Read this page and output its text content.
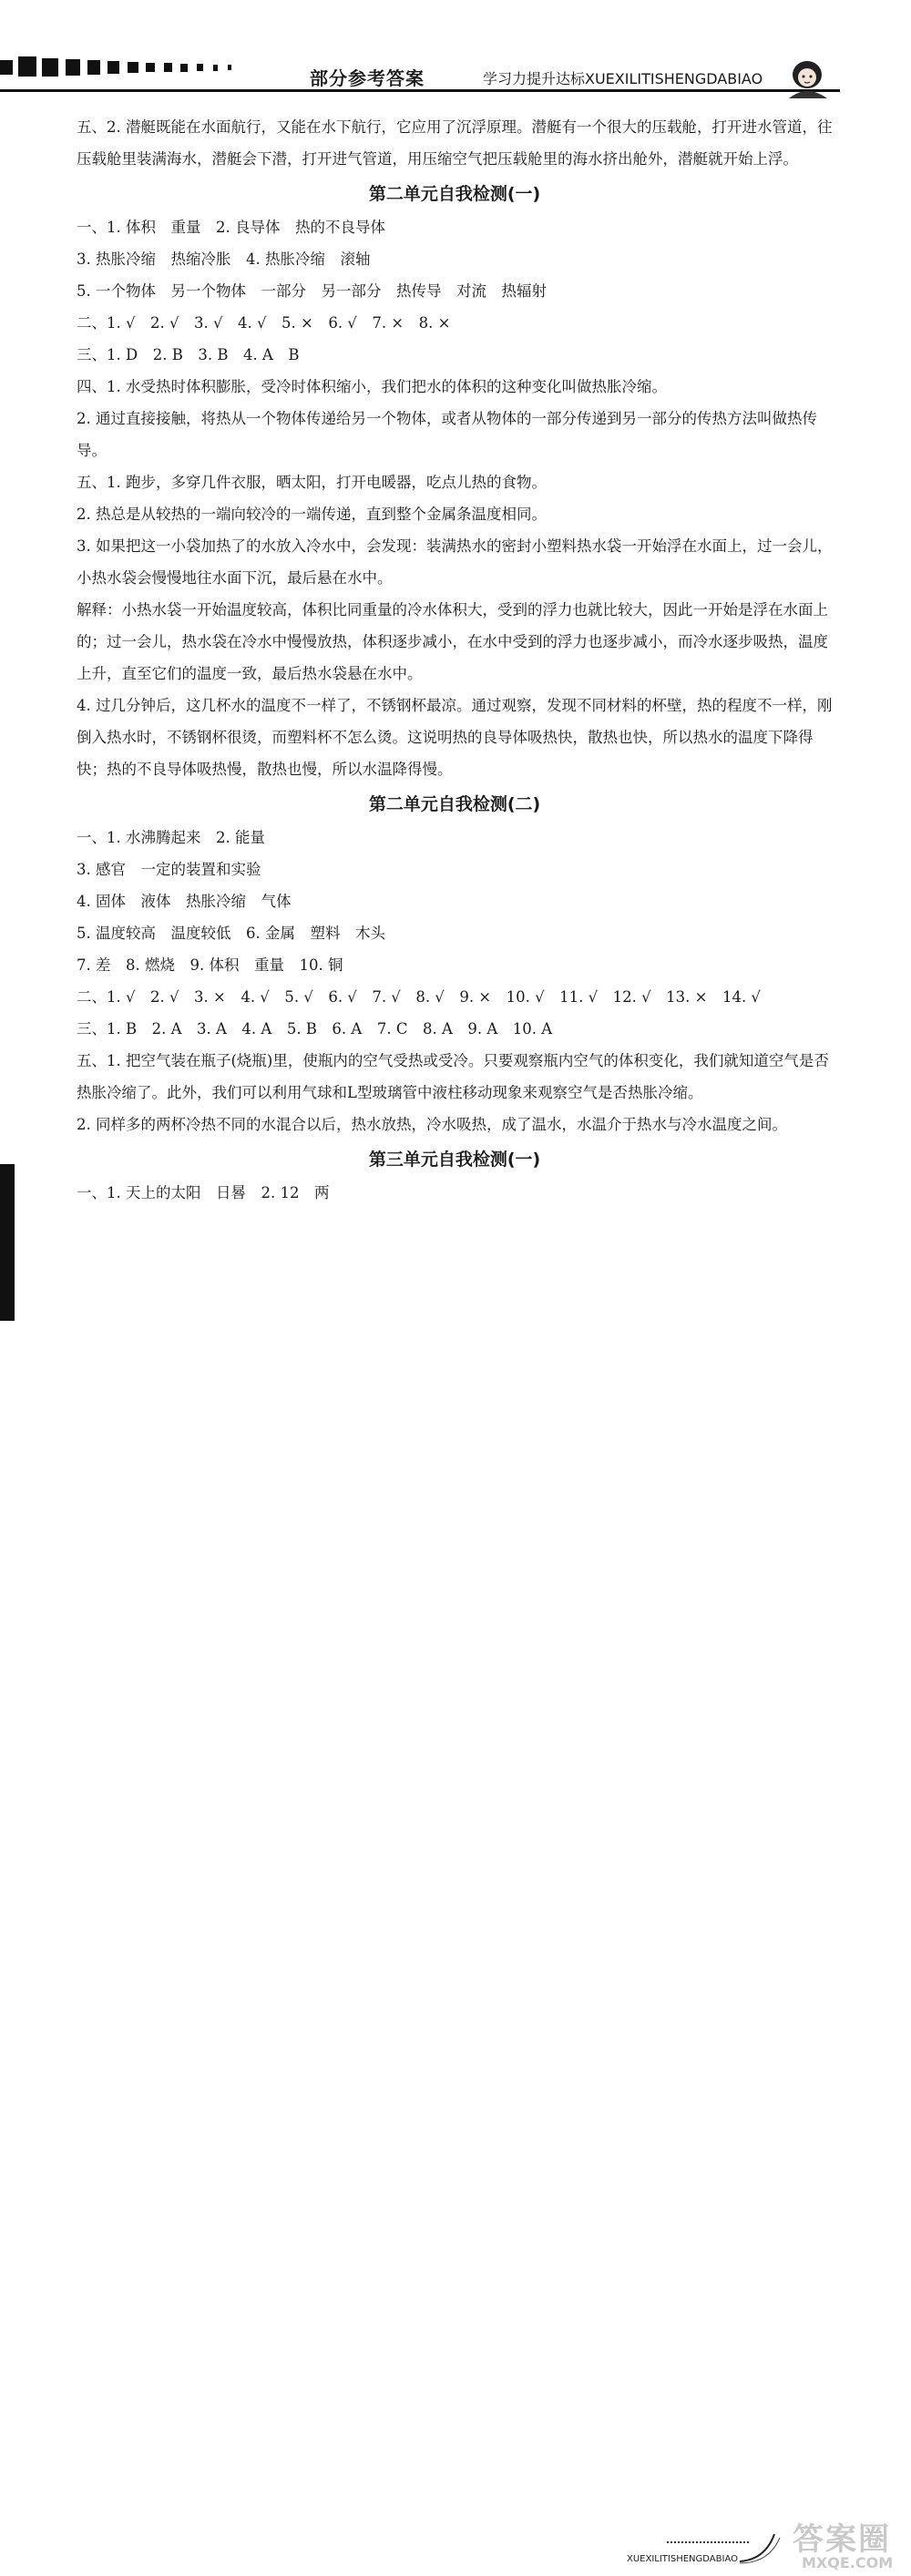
部分参考答案	学习力提升达标XUEXILITISHENGDABIAO

五、2. 潜艇既能在水面航行，又能在水下航行，它应用了沉浮原理。潜艇有一个很大的压载舱，打开进水管道，往压载舱里装满海水，潜艇会下潜，打开进气管道，用压缩空气把压载舱里的海水挤出舱外，潜艇就开始上浮。

第二单元自我检测(一)

一、1. 体积　重量　2. 良导体　热的不良导体

3. 热胀冷缩　热缩冷胀　4. 热胀冷缩　滚轴

5. 一个物体　另一个物体　一部分　另一部分　热传导　对流　热辐射

二、1. √　2. √　3. √　4. √　5. ×　6. √　7. ×　8. ×

三、1. D　2. B　3. B　4. A　B

四、1. 水受热时体积膨胀，受冷时体积缩小，我们把水的体积的这种变化叫做热胀冷缩。

2. 通过直接接触，将热从一个物体传递给另一个物体，或者从物体的一部分传递到另一部分的传热方法叫做热传导。

五、1. 跑步，多穿几件衣服，晒太阳，打开电暖器，吃点儿热的食物。

2. 热总是从较热的一端向较冷的一端传递，直到整个金属条温度相同。

3. 如果把这一小袋加热了的水放入冷水中，会发现：装满热水的密封小塑料热水袋一开始浮在水面上，过一会儿，小热水袋会慢慢地往水面下沉，最后悬在水中。

解释：小热水袋一开始温度较高，体积比同重量的冷水体积大，受到的浮力也就比较大，因此一开始是浮在水面上的；过一会儿，热水袋在冷水中慢慢放热，体积逐步减小，在水中受到的浮力也逐步减小，而冷水逐步吸热，温度上升，直至它们的温度一致，最后热水袋悬在水中。

4. 过几分钟后，这几杯水的温度不一样了，不锈钢杯最凉。通过观察，发现不同材料的杯壁，热的程度不一样，刚倒入热水时，不锈钢杯很烫，而塑料杯不怎么烫。这说明热的良导体吸热快，散热也快，所以热水的温度下降得快；热的不良导体吸热慢，散热也慢，所以水温降得慢。

第二单元自我检测(二)

一、1. 水沸腾起来　2. 能量

3. 感官　一定的装置和实验

4. 固体　液体　热胀冷缩　气体

5. 温度较高　温度较低　6. 金属　塑料　木头

7. 差　8. 燃烧　9. 体积　重量　10. 铜

二、1. √　2. √　3. ×　4. √　5. √　6. √　7. √　8. √　9. ×　10. √　11. √　12. √　13. ×　14. √

三、1. B　2. A　3. A　4. A　5. B　6. A　7. C　8. A　9. A　10. A

五、1. 把空气装在瓶子(烧瓶)里，使瓶内的空气受热或受冷。只要观察瓶内空气的体积变化，我们就知道空气是否热胀冷缩了。此外，我们可以利用气球和L型玻璃管中液柱移动现象来观察空气是否热胀冷缩。

2. 同样多的两杯冷热不同的水混合以后，热水放热，冷水吸热，成了温水，水温介于热水与冷水温度之间。

第三单元自我检测(一)

一、1. 天上的太阳　日晷　2. 12　两

XUEXILITISHENGDABIAO
答案圈
MXQE.COM
